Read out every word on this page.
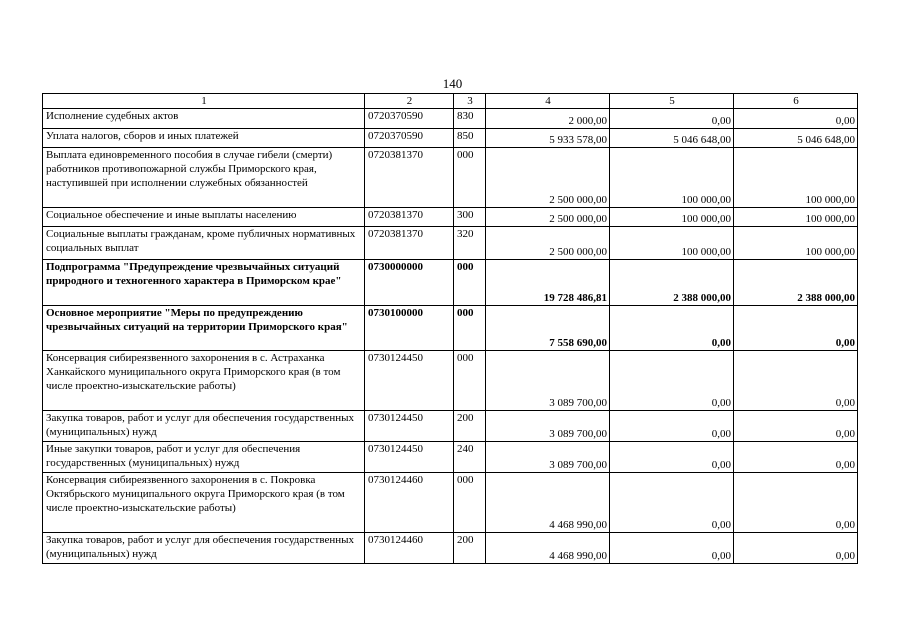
140
1	2	3	4	5	6
Исполнение судебных актов	0720370590	830	2 000,00	0,00	0,00
Уплата налогов, сборов и иных платежей	0720370590	850	5 933 578,00	5 046 648,00	5 046 648,00
Выплата единовременного пособия в случае гибели (смерти) работников противопожарной службы Приморского края, наступившей при исполнении служебных обязанностей	0720381370	000	2 500 000,00	100 000,00	100 000,00
Социальное обеспечение и иные выплаты населению	0720381370	300	2 500 000,00	100 000,00	100 000,00
Социальные выплаты гражданам, кроме публичных нормативных социальных выплат	0720381370	320	2 500 000,00	100 000,00	100 000,00
Подпрограмма "Предупреждение чрезвычайных ситуаций природного и техногенного характера в Приморском крае"	0730000000	000	19 728 486,81	2 388 000,00	2 388 000,00
Основное мероприятие "Меры по предупреждению чрезвычайных ситуаций на территории Приморского края"	0730100000	000	7 558 690,00	0,00	0,00
Консервация сибиреязвенного захоронения в с. Астраханка Ханкайского муниципального округа Приморского края (в том числе проектно-изыскательские работы)	0730124450	000	3 089 700,00	0,00	0,00
Закупка товаров, работ и услуг для обеспечения государственных (муниципальных) нужд	0730124450	200	3 089 700,00	0,00	0,00
Иные закупки товаров, работ и услуг для обеспечения государственных (муниципальных) нужд	0730124450	240	3 089 700,00	0,00	0,00
Консервация сибиреязвенного захоронения в с. Покровка Октябрьского муниципального округа Приморского края (в том числе проектно-изыскательские работы)	0730124460	000	4 468 990,00	0,00	0,00
Закупка товаров, работ и услуг для обеспечения государственных (муниципальных) нужд	0730124460	200	4 468 990,00	0,00	0,00
